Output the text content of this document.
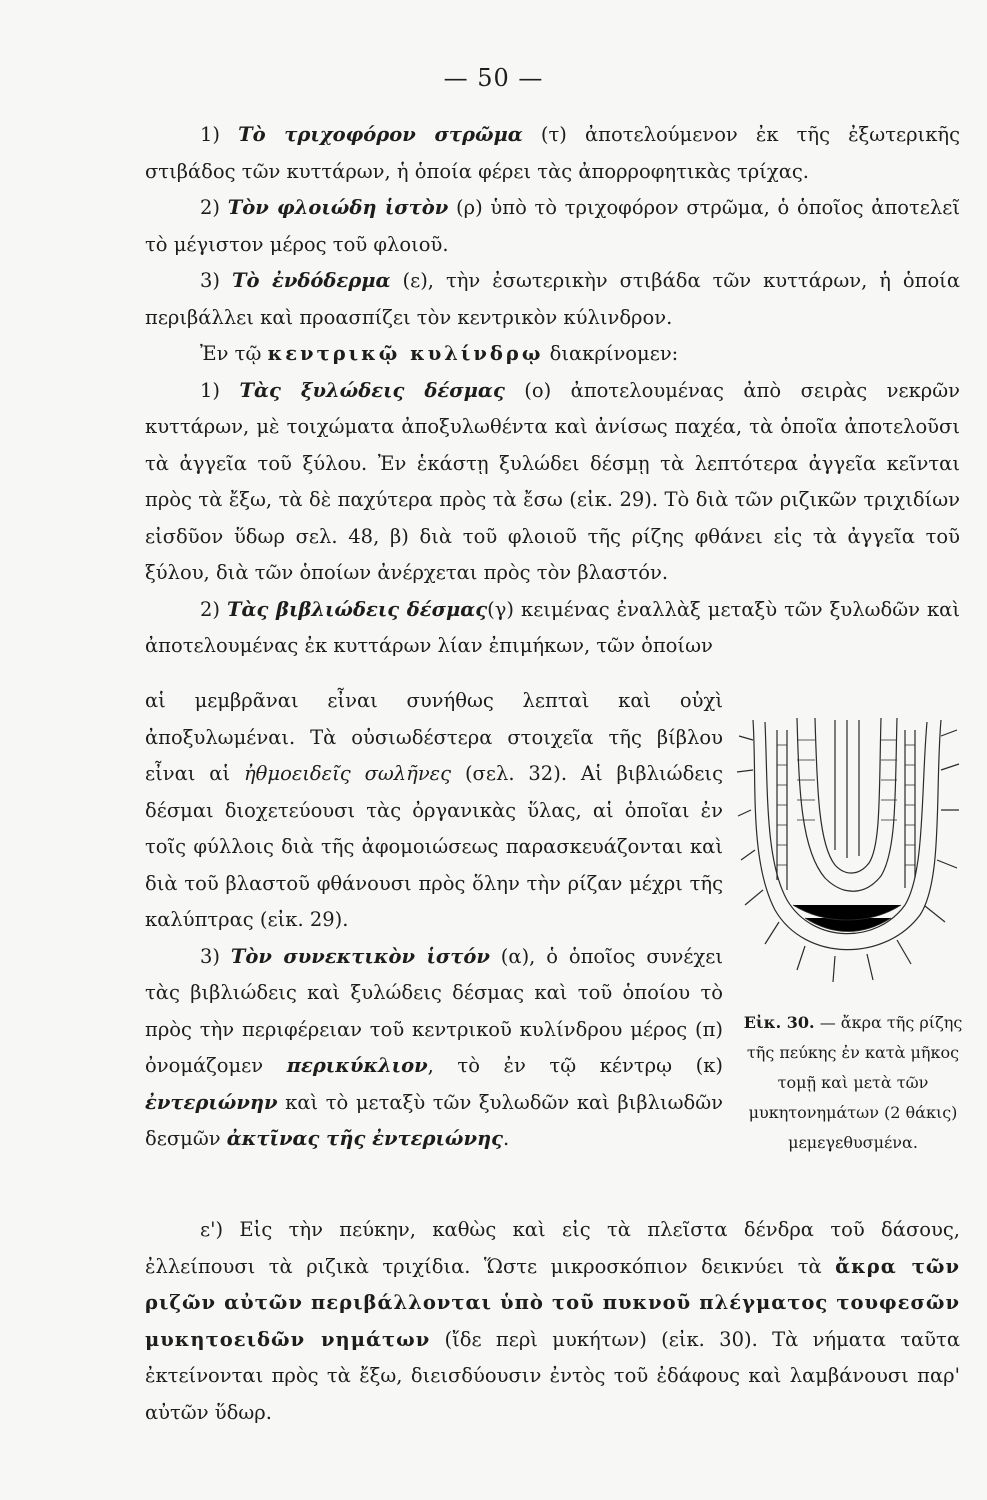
— 50 —

1) Τὸ τριχοφόρον στρῶμα (τ) ἀποτελούμενον ἐκ τῆς ἐξωτερικῆς στιβάδος τῶν κυττάρων, ἡ ὁποία φέρει τὰς ἀπορροφητικὰς τρίχας.

2) Τὸν φλοιώδη ἱστὸν (ρ) ὑπὸ τὸ τριχοφόρον στρῶμα, ὁ ὁποῖος ἀποτελεῖ τὸ μέγιστον μέρος τοῦ φλοιοῦ.

3) Τὸ ἐνδόδερμα (ε), τὴν ἐσωτερικὴν στιβάδα τῶν κυττάρων, ἡ ὁποία περιβάλλει καὶ προασπίζει τὸν κεντρικὸν κύλινδρον.

Ἐν τῷ κεντρικῷ κυλίνδρῳ διακρίνομεν:

1) Τὰς ξυλώδεις δέσμας (ο) ἀποτελουμένας ἀπὸ σειρὰς νεκρῶν κυττάρων, μὲ τοιχώματα ἀποξυλωθέντα καὶ ἀνίσως παχέα, τὰ ὁποῖα ἀποτελοῦσι τὰ ἀγγεῖα τοῦ ξύλου. Ἐν ἑκάστῃ ξυλώδει δέσμῃ τὰ λεπτότερα ἀγγεῖα κεῖνται πρὸς τὰ ἔξω, τὰ δὲ παχύτερα πρὸς τὰ ἔσω (εἰκ. 29). Τὸ διὰ τῶν ριζικῶν τριχιδίων εἰσδῦον ὕδωρ σελ. 48, β) διὰ τοῦ φλοιοῦ τῆς ρίζης φθάνει εἰς τὰ ἀγγεῖα τοῦ ξύλου, διὰ τῶν ὁποίων ἀνέρχεται πρὸς τὸν βλαστόν.

2) Τὰς βιβλιώδεις δέσμας(γ) κειμένας ἐναλλὰξ μεταξὺ τῶν ξυλωδῶν καὶ ἀποτελουμένας ἐκ κυττάρων λίαν ἐπιμήκων, τῶν ὁποίων

αἱ μεμβρᾶναι εἶναι συνήθως λεπταὶ καὶ οὐχὶ ἀποξυλωμέναι. Τὰ οὐσιωδέστερα στοιχεῖα τῆς βίβλου εἶναι αἱ ἠθμοειδεῖς σωλῆνες (σελ. 32). Αἱ βιβλιώδεις δέσμαι διοχετεύουσι τὰς ὀργανικὰς ὕλας, αἱ ὁποῖαι ἐν τοῖς φύλλοις διὰ τῆς ἀφομοιώσεως παρασκευάζονται καὶ διὰ τοῦ βλαστοῦ φθάνουσι πρὸς ὅλην τὴν ρίζαν μέχρι τῆς καλύπτρας (εἰκ. 29).

3) Τὸν συνεκτικὸν ἱστόν (α), ὁ ὁποῖος συνέχει τὰς βιβλιώδεις καὶ ξυλώδεις δέσμας καὶ τοῦ ὁποίου τὸ πρὸς τὴν περιφέρειαν τοῦ κεντρικοῦ κυλίνδρου μέρος (π) ὀνομάζομεν περικύκλιον, τὸ ἐν τῷ κέντρῳ (κ) ἐντεριώνην καὶ τὸ μεταξὺ τῶν ξυλωδῶν καὶ βιβλιωδῶν δεσμῶν ἀκτῖνας τῆς ἐντεριώνης.

Εἰκ. 30. — ἄκρα τῆς ρίζης τῆς πεύκης ἐν κατὰ μῆκος τομῇ καὶ μετὰ τῶν μυκητονημάτων (2 θάκις) μεμεγεθυσμένα.

ε') Εἰς τὴν πεύκην, καθὼς καὶ εἰς τὰ πλεῖστα δένδρα τοῦ δάσους, ἐλλείπουσι τὰ ριζικὰ τριχίδια. Ὥστε μικροσκόπιον δεικνύει τὰ ἄκρα τῶν ριζῶν αὐτῶν περιβάλλονται ὑπὸ τοῦ πυκνοῦ πλέγματος τουφεσῶν μυκητοειδῶν νημάτων (ἴδε περὶ μυκήτων) (εἰκ. 30). Τὰ νήματα ταῦτα ἐκτείνονται πρὸς τὰ ἔξω, διεισδύουσιν ἐντὸς τοῦ ἐδάφους καὶ λαμβάνουσι παρ' αὐτῶν ὕδωρ.
